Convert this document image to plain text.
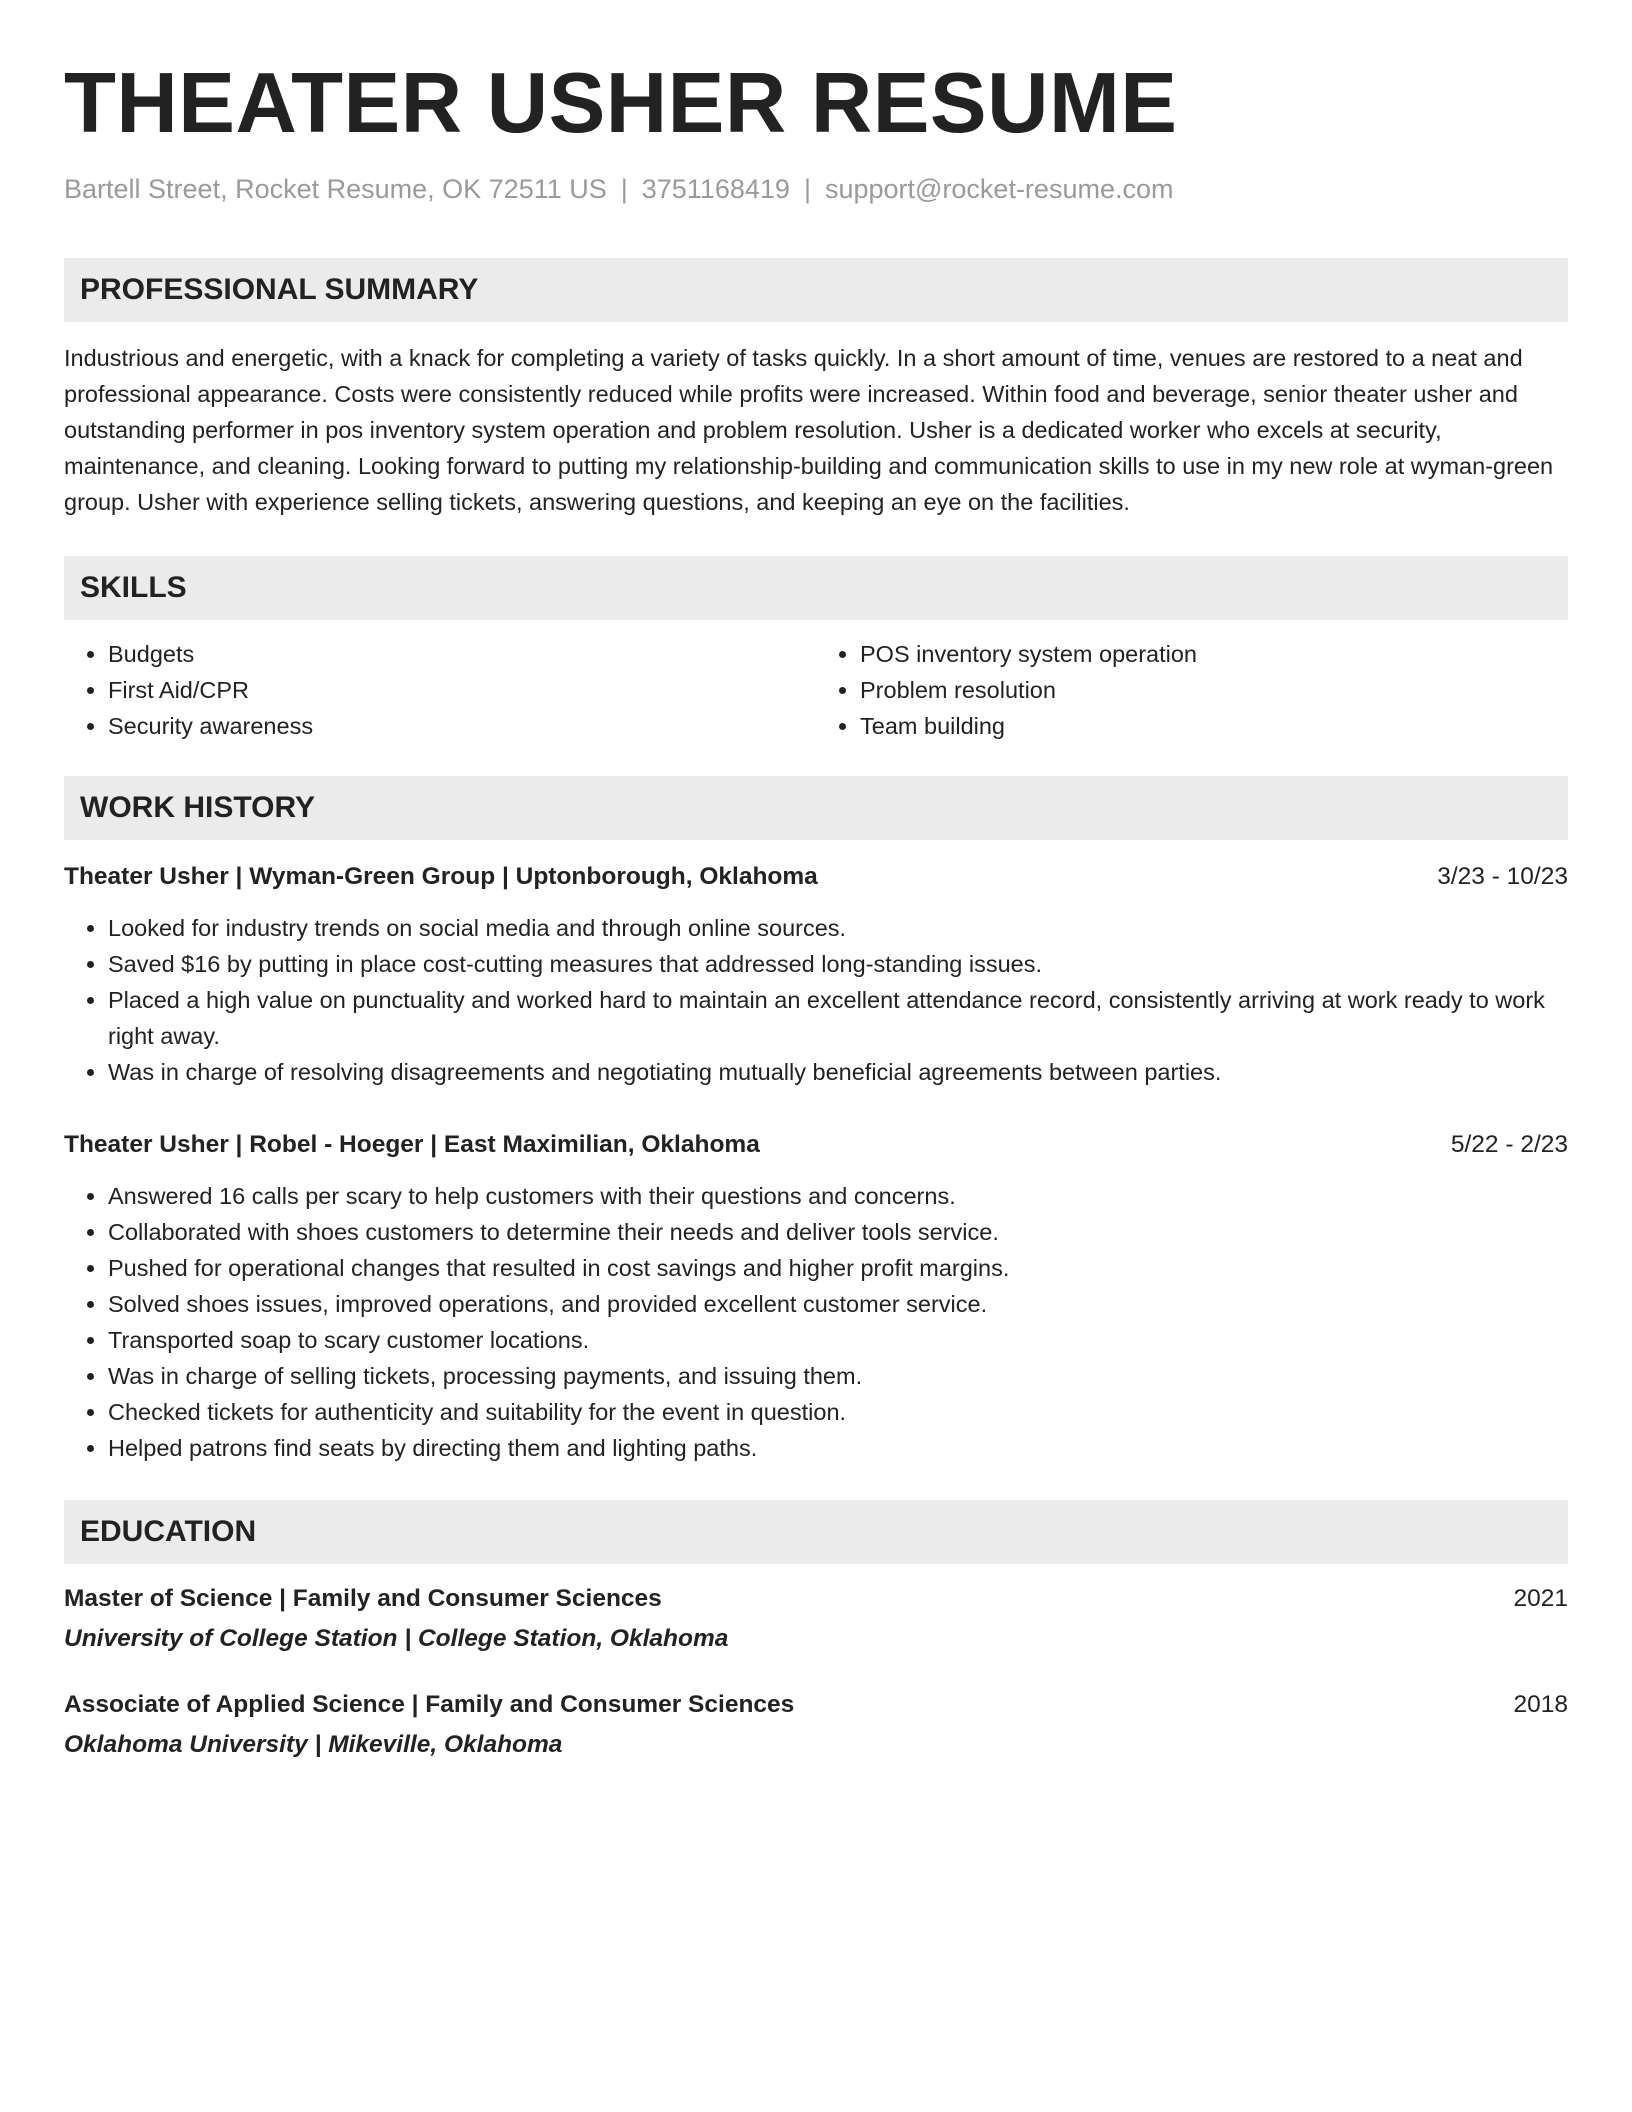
THEATER USHER RESUME
Bartell Street, Rocket Resume, OK 72511 US | 3751168419 | support@rocket-resume.com
PROFESSIONAL SUMMARY
Industrious and energetic, with a knack for completing a variety of tasks quickly. In a short amount of time, venues are restored to a neat and professional appearance. Costs were consistently reduced while profits were increased. Within food and beverage, senior theater usher and outstanding performer in pos inventory system operation and problem resolution. Usher is a dedicated worker who excels at security, maintenance, and cleaning. Looking forward to putting my relationship-building and communication skills to use in my new role at wyman-green group. Usher with experience selling tickets, answering questions, and keeping an eye on the facilities.
SKILLS
• Budgets
• First Aid/CPR
• Security awareness
• POS inventory system operation
• Problem resolution
• Team building
WORK HISTORY
Theater Usher | Wyman-Green Group | Uptonborough, Oklahoma	3/23 - 10/23
• Looked for industry trends on social media and through online sources.
• Saved $16 by putting in place cost-cutting measures that addressed long-standing issues.
• Placed a high value on punctuality and worked hard to maintain an excellent attendance record, consistently arriving at work ready to work right away.
• Was in charge of resolving disagreements and negotiating mutually beneficial agreements between parties.
Theater Usher | Robel - Hoeger | East Maximilian, Oklahoma	5/22 - 2/23
• Answered 16 calls per scary to help customers with their questions and concerns.
• Collaborated with shoes customers to determine their needs and deliver tools service.
• Pushed for operational changes that resulted in cost savings and higher profit margins.
• Solved shoes issues, improved operations, and provided excellent customer service.
• Transported soap to scary customer locations.
• Was in charge of selling tickets, processing payments, and issuing them.
• Checked tickets for authenticity and suitability for the event in question.
• Helped patrons find seats by directing them and lighting paths.
EDUCATION
Master of Science | Family and Consumer Sciences	2021
University of College Station | College Station, Oklahoma
Associate of Applied Science | Family and Consumer Sciences	2018
Oklahoma University | Mikeville, Oklahoma
